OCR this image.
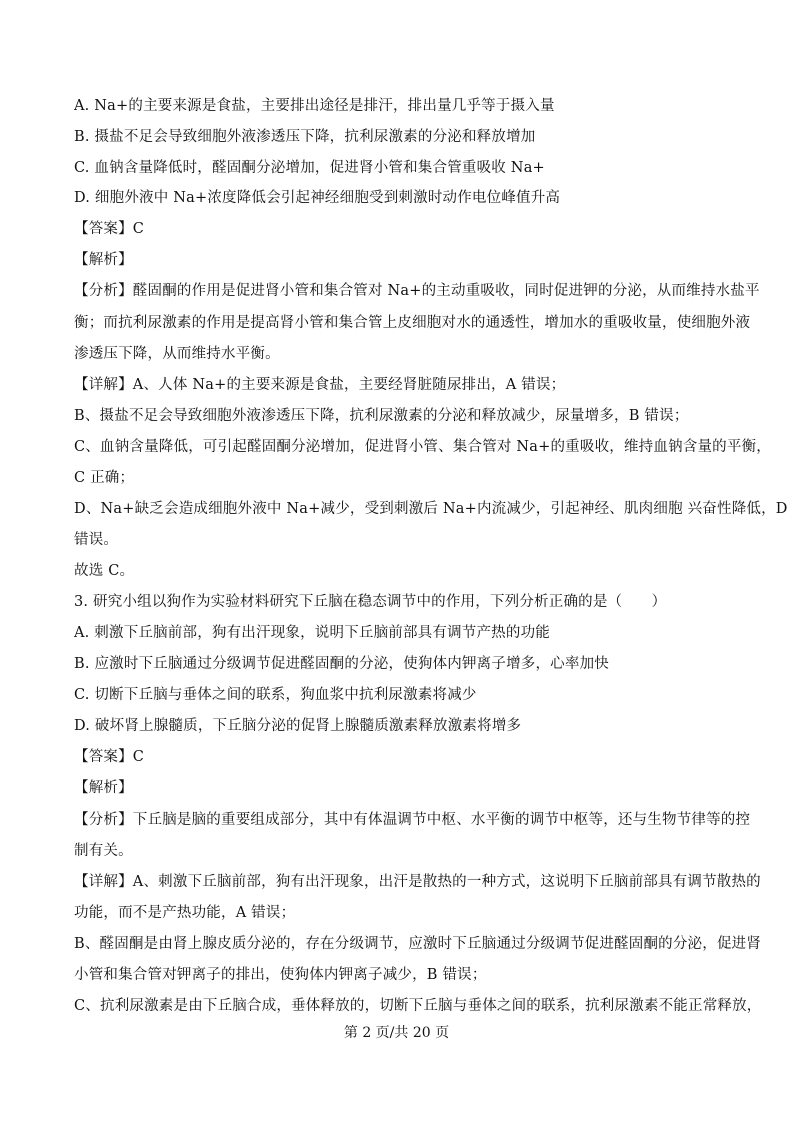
A. Na+的主要来源是食盐，主要排出途径是排汗，排出量几乎等于摄入量
B. 摄盐不足会导致细胞外液渗透压下降，抗利尿激素的分泌和释放增加
C. 血钠含量降低时，醛固酮分泌增加，促进肾小管和集合管重吸收 Na+
D. 细胞外液中 Na+浓度降低会引起神经细胞受到刺激时动作电位峰值升高
【答案】C
【解析】
【分析】醛固酮的作用是促进肾小管和集合管对 Na+的主动重吸收，同时促进钾的分泌，从而维持水盐平
衡；而抗利尿激素的作用是提高肾小管和集合管上皮细胞对水的通透性，增加水的重吸收量，使细胞外液
渗透压下降，从而维持水平衡。
【详解】A、人体 Na+的主要来源是食盐，主要经肾脏随尿排出，A 错误；
B、摄盐不足会导致细胞外液渗透压下降，抗利尿激素的分泌和释放减少，尿量增多，B 错误；
C、血钠含量降低，可引起醛固酮分泌增加，促进肾小管、集合管对 Na+的重吸收，维持血钠含量的平衡，
C 正确；
D、Na+缺乏会造成细胞外液中 Na+减少，受到刺激后 Na+内流减少，引起神经、肌肉细胞 兴奋性降低，D
错误。
故选 C。
3. 研究小组以狗作为实验材料研究下丘脑在稳态调节中的作用，下列分析正确的是（　　）
A. 刺激下丘脑前部，狗有出汗现象，说明下丘脑前部具有调节产热的功能
B. 应激时下丘脑通过分级调节促进醛固酮的分泌，使狗体内钾离子增多，心率加快
C. 切断下丘脑与垂体之间的联系，狗血浆中抗利尿激素将减少
D. 破坏肾上腺髓质，下丘脑分泌的促肾上腺髓质激素释放激素将增多
【答案】C
【解析】
【分析】下丘脑是脑的重要组成部分，其中有体温调节中枢、水平衡的调节中枢等，还与生物节律等的控
制有关。
【详解】A、刺激下丘脑前部，狗有出汗现象，出汗是散热的一种方式，这说明下丘脑前部具有调节散热的
功能，而不是产热功能，A 错误；
B、醛固酮是由肾上腺皮质分泌的，存在分级调节，应激时下丘脑通过分级调节促进醛固酮的分泌，促进肾
小管和集合管对钾离子的排出，使狗体内钾离子减少，B 错误；
C、抗利尿激素是由下丘脑合成，垂体释放的，切断下丘脑与垂体之间的联系，抗利尿激素不能正常释放，
第 2 页/共 20 页
